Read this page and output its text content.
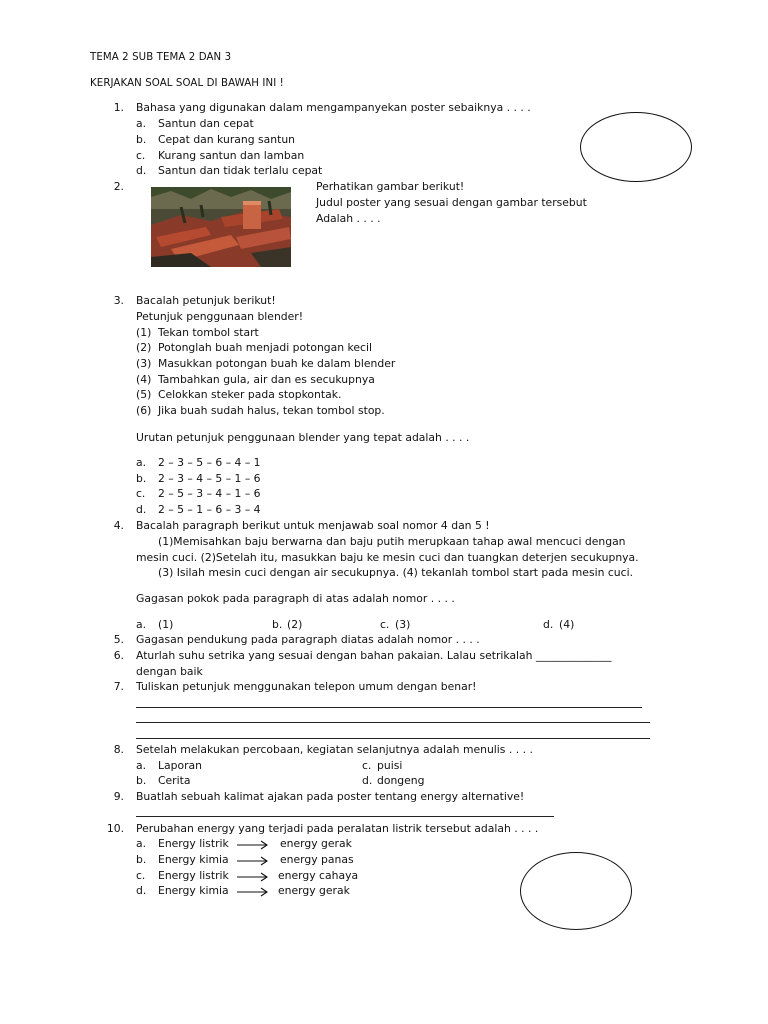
TEMA 2 SUB TEMA 2 DAN 3
KERJAKAN SOAL SOAL DI BAWAH INI !
1. Bahasa yang digunakan dalam mengampanyekan poster sebaiknya . . . .
a. Santun dan cepat
b. Cepat dan kurang santun
c. Kurang santun dan lamban
d. Santun dan tidak terlalu cepat
2.	Perhatikan gambar berikut!
Judul poster yang sesuai dengan gambar tersebut
Adalah . . . .
3. Bacalah petunjuk berikut!
Petunjuk penggunaan blender!
(1) Tekan tombol start
(2) Potonglah buah menjadi potongan kecil
(3) Masukkan potongan buah ke dalam blender
(4) Tambahkan gula, air dan es secukupnya
(5) Celokkan steker pada stopkontak.
(6) Jika buah sudah halus, tekan tombol stop.
Urutan petunjuk penggunaan blender yang tepat adalah . . . .
a. 2 – 3 – 5 – 6 – 4 – 1
b. 2 – 3 – 4 – 5 – 1 – 6
c. 2 – 5 – 3 – 4 – 1 – 6
d. 2 – 5 – 1 – 6 – 3 – 4
4. Bacalah paragraph berikut untuk menjawab soal nomor 4 dan 5 !
(1)Memisahkan baju berwarna dan baju putih merupkaan tahap awal mencuci dengan
mesin cuci. (2)Setelah itu, masukkan baju ke mesin cuci dan tuangkan deterjen secukupnya.
(3) Isilah mesin cuci dengan air secukupnya. (4) tekanlah tombol start pada mesin cuci.
Gagasan pokok pada paragraph di atas adalah nomor . . . .
a. (1)	b. (2)	c. (3)	d. (4)
5. Gagasan pendukung pada paragraph diatas adalah nomor . . . .
6. Aturlah suhu setrika yang sesuai dengan bahan pakaian. Lalau setrikalah ______________
dengan baik
7. Tuliskan petunjuk menggunakan telepon umum dengan benar!
8. Setelah melakukan percobaan, kegiatan selanjutnya adalah menulis . . . .
a. Laporan	c. puisi
b. Cerita	d. dongeng
9. Buatlah sebuah kalimat ajakan pada poster tentang energy alternative!
10. Perubahan energy yang terjadi pada peralatan listrik tersebut adalah . . . .
a. Energy listrik	energy gerak
b. Energy kimia	energy panas
c. Energy listrik	energy cahaya
d. Energy kimia	energy gerak
